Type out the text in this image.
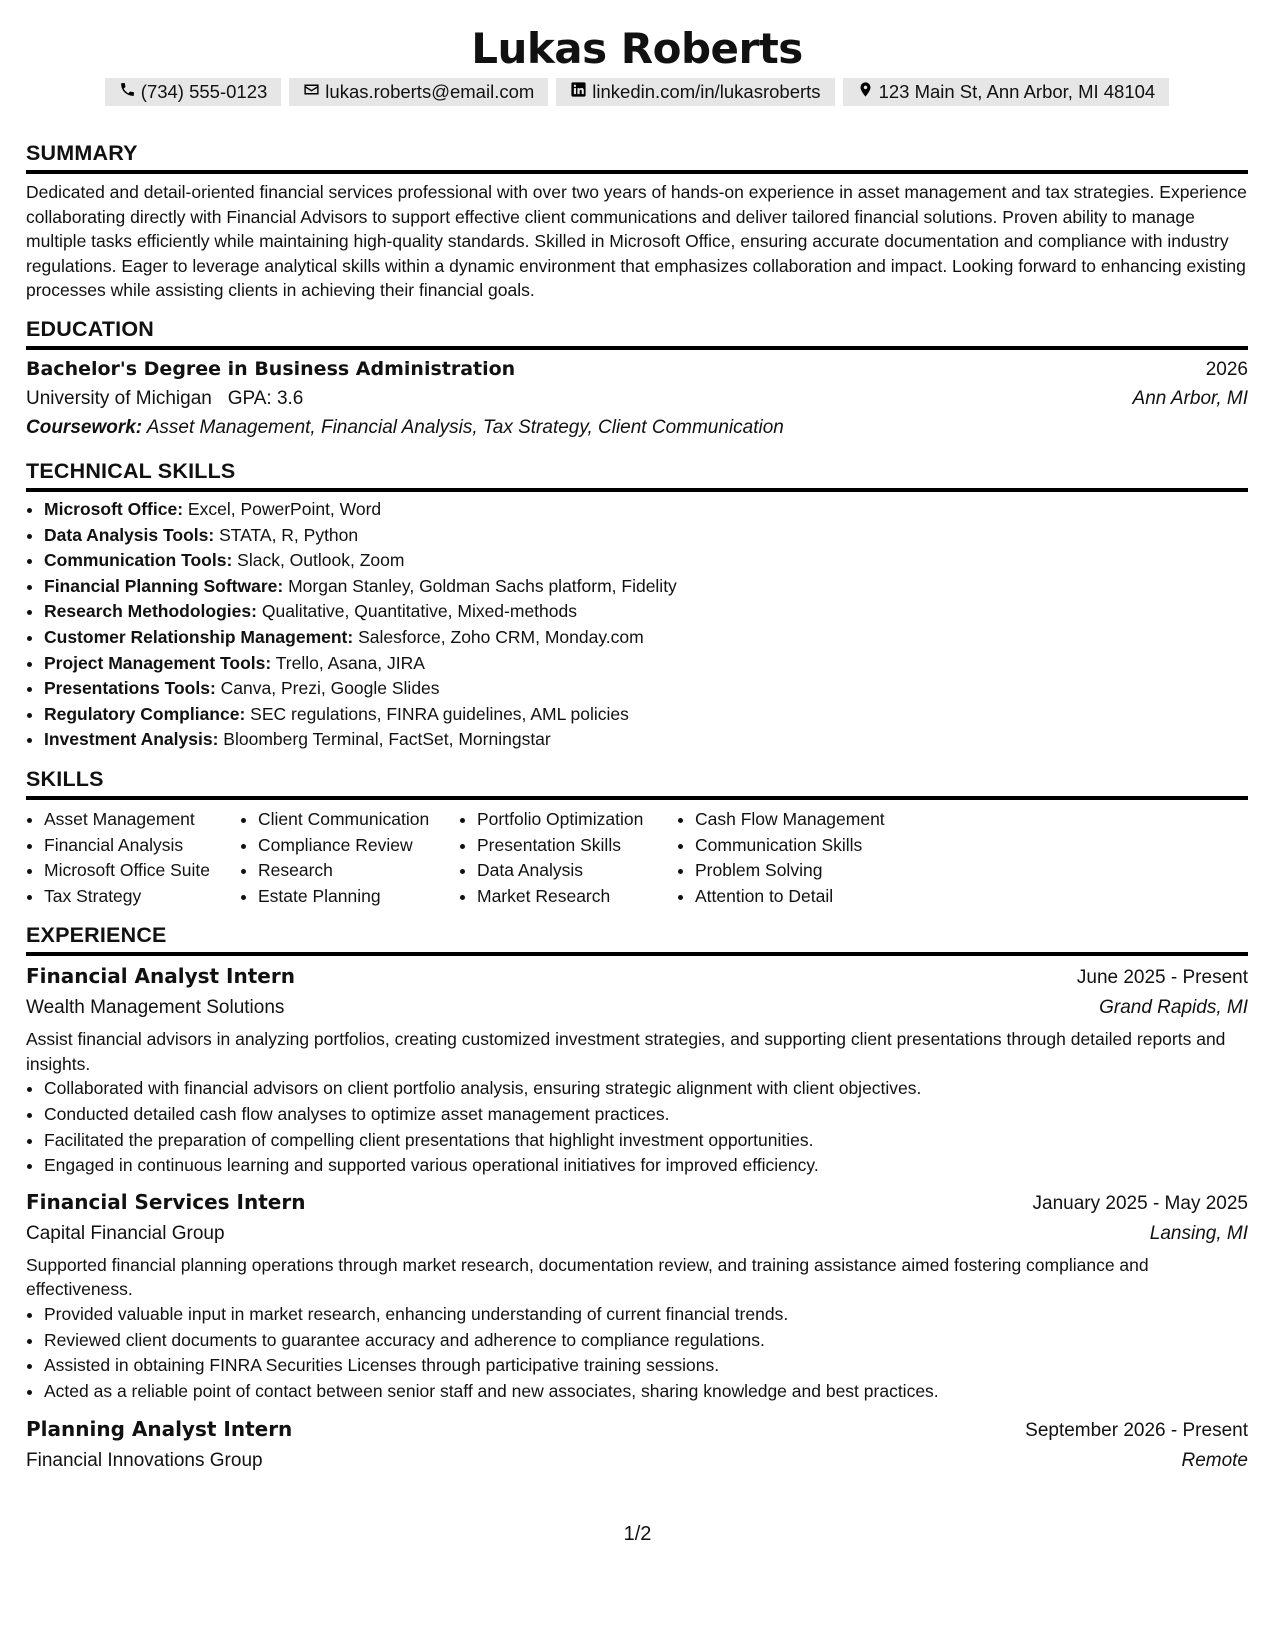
Lukas Roberts
(734) 555-0123	lukas.roberts@email.com	linkedin.com/in/lukasroberts	123 Main St, Ann Arbor, MI 48104
SUMMARY
Dedicated and detail-oriented financial services professional with over two years of hands-on experience in asset management and tax strategies. Experience collaborating directly with Financial Advisors to support effective client communications and deliver tailored financial solutions. Proven ability to manage multiple tasks efficiently while maintaining high-quality standards. Skilled in Microsoft Office, ensuring accurate documentation and compliance with industry regulations. Eager to leverage analytical skills within a dynamic environment that emphasizes collaboration and impact. Looking forward to enhancing existing processes while assisting clients in achieving their financial goals.
EDUCATION
Bachelor's Degree in Business Administration	2026
University of Michigan GPA: 3.6	Ann Arbor, MI
Coursework: Asset Management, Financial Analysis, Tax Strategy, Client Communication
TECHNICAL SKILLS
• Microsoft Office: Excel, PowerPoint, Word
• Data Analysis Tools: STATA, R, Python
• Communication Tools: Slack, Outlook, Zoom
• Financial Planning Software: Morgan Stanley, Goldman Sachs platform, Fidelity
• Research Methodologies: Qualitative, Quantitative, Mixed-methods
• Customer Relationship Management: Salesforce, Zoho CRM, Monday.com
• Project Management Tools: Trello, Asana, JIRA
• Presentations Tools: Canva, Prezi, Google Slides
• Regulatory Compliance: SEC regulations, FINRA guidelines, AML policies
• Investment Analysis: Bloomberg Terminal, FactSet, Morningstar
SKILLS
• Asset Management
• Financial Analysis
• Microsoft Office Suite
• Tax Strategy
• Client Communication
• Compliance Review
• Research
• Estate Planning
• Portfolio Optimization
• Presentation Skills
• Data Analysis
• Market Research
• Cash Flow Management
• Communication Skills
• Problem Solving
• Attention to Detail
EXPERIENCE
Financial Analyst Intern	June 2025 - Present
Wealth Management Solutions	Grand Rapids, MI
Assist financial advisors in analyzing portfolios, creating customized investment strategies, and supporting client presentations through detailed reports and insights.
• Collaborated with financial advisors on client portfolio analysis, ensuring strategic alignment with client objectives.
• Conducted detailed cash flow analyses to optimize asset management practices.
• Facilitated the preparation of compelling client presentations that highlight investment opportunities.
• Engaged in continuous learning and supported various operational initiatives for improved efficiency.
Financial Services Intern	January 2025 - May 2025
Capital Financial Group	Lansing, MI
Supported financial planning operations through market research, documentation review, and training assistance aimed fostering compliance and effectiveness.
• Provided valuable input in market research, enhancing understanding of current financial trends.
• Reviewed client documents to guarantee accuracy and adherence to compliance regulations.
• Assisted in obtaining FINRA Securities Licenses through participative training sessions.
• Acted as a reliable point of contact between senior staff and new associates, sharing knowledge and best practices.
Planning Analyst Intern	September 2026 - Present
Financial Innovations Group	Remote
1/2
